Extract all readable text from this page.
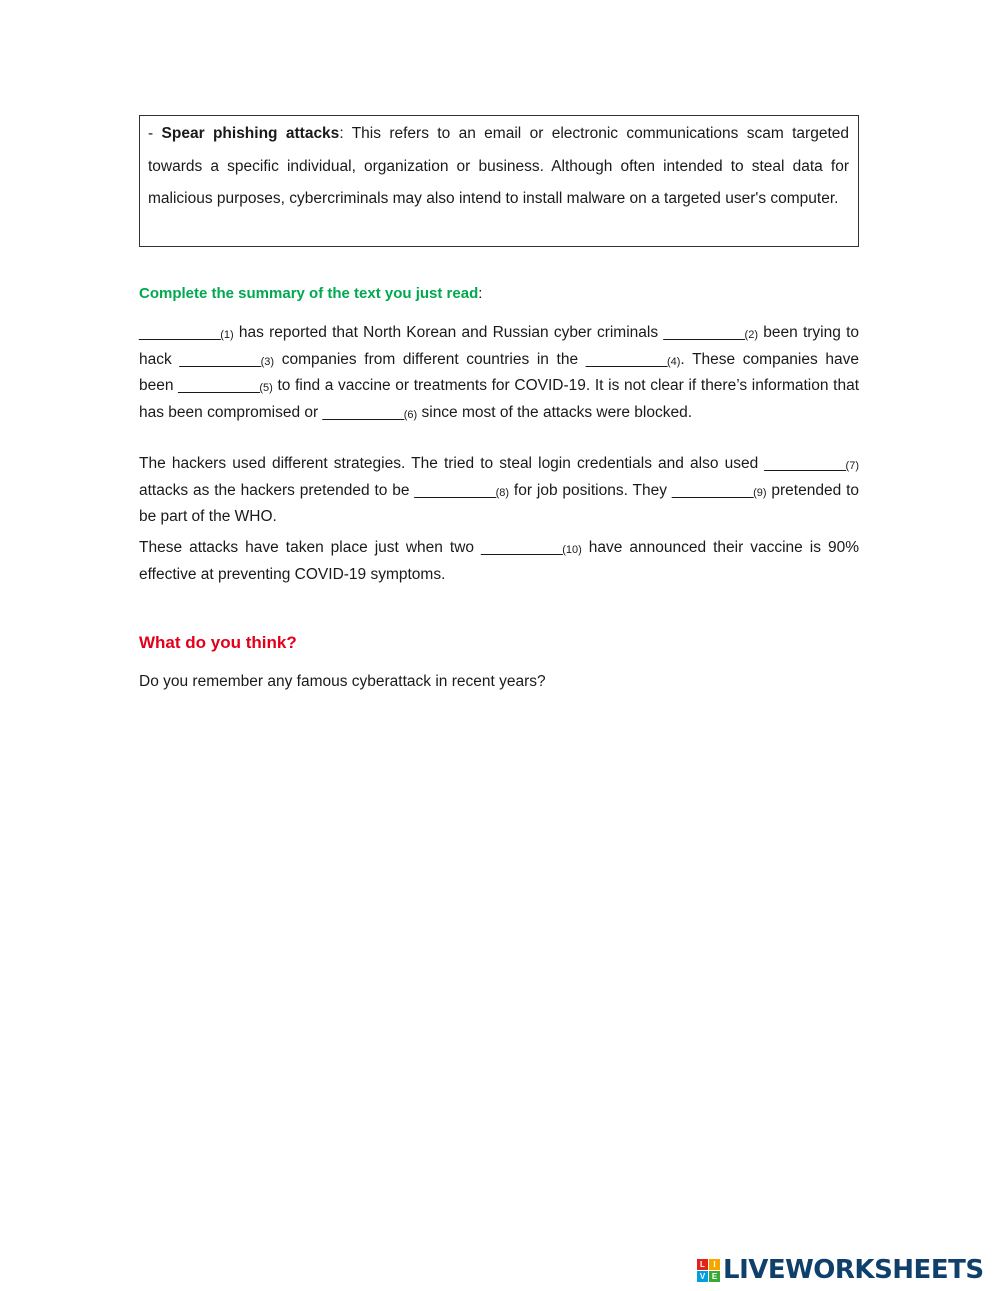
- Spear phishing attacks: This refers to an email or electronic communications scam targeted towards a specific individual, organization or business. Although often intended to steal data for malicious purposes, cybercriminals may also intend to install malware on a targeted user's computer.
Complete the summary of the text you just read:

__________(1) has reported that North Korean and Russian cyber criminals __________(2) been trying to hack __________(3) companies from different countries in the __________(4). These companies have been __________(5) to find a vaccine or treatments for COVID-19. It is not clear if there’s information that has been compromised or __________(6) since most of the attacks were blocked.

The hackers used different strategies. The tried to steal login credentials and also used __________(7) attacks as the hackers pretended to be __________(8) for job positions. They __________(9) pretended to be part of the WHO.

These attacks have taken place just when two __________(10) have announced their vaccine is 90% effective at preventing COVID-19 symptoms.

What do you think?
Do you remember any famous cyberattack in recent years?
L	I
V E LIVEWORKSHEETS
